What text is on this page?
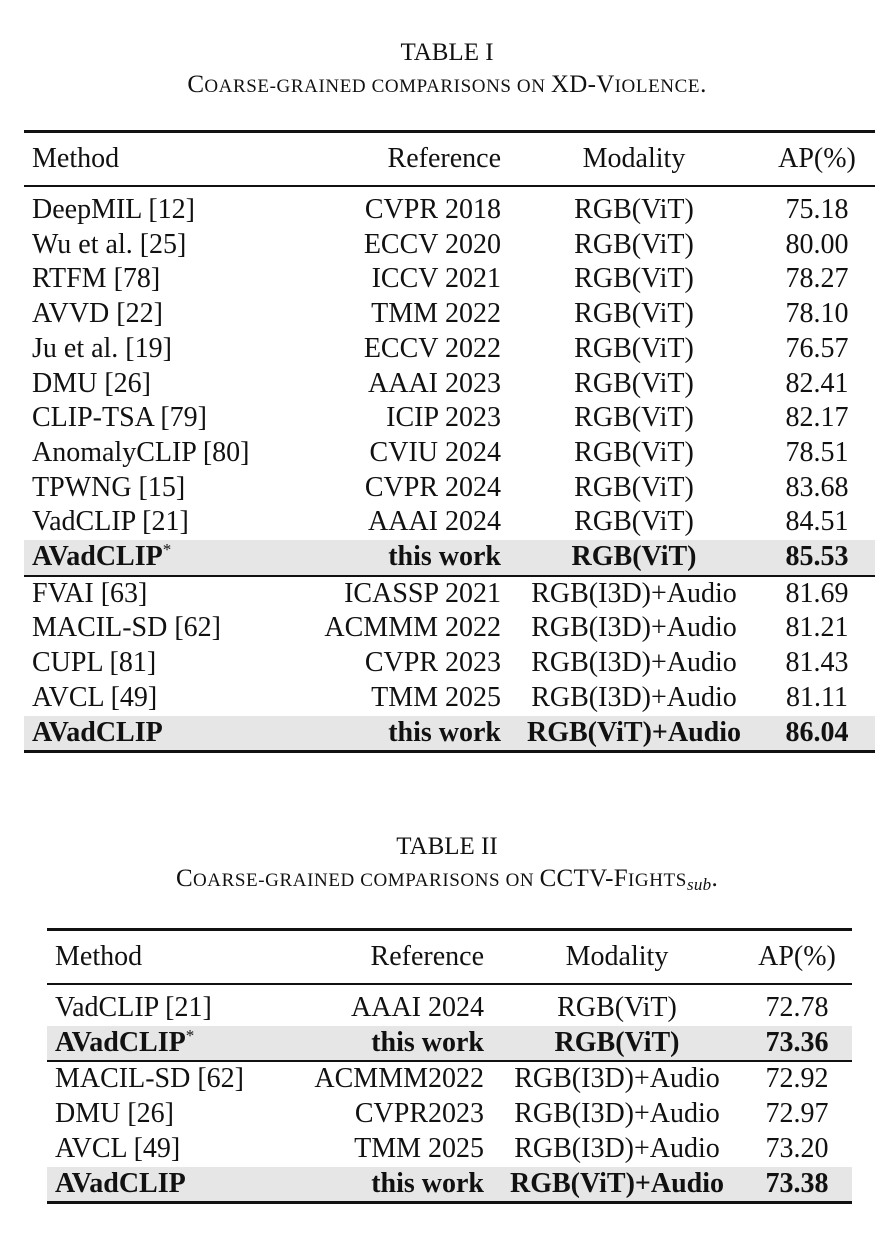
TABLE I
COARSE-GRAINED COMPARISONS ON XD-VIOLENCE.
Method	Reference	Modality	AP(%)
DeepMIL [12]	CVPR 2018	RGB(ViT)	75.18
Wu et al. [25]	ECCV 2020	RGB(ViT)	80.00
RTFM [78]	ICCV 2021	RGB(ViT)	78.27
AVVD [22]	TMM 2022	RGB(ViT)	78.10
Ju et al. [19]	ECCV 2022	RGB(ViT)	76.57
DMU [26]	AAAI 2023	RGB(ViT)	82.41
CLIP-TSA [79]	ICIP 2023	RGB(ViT)	82.17
AnomalyCLIP [80]	CVIU 2024	RGB(ViT)	78.51
TPWNG [15]	CVPR 2024	RGB(ViT)	83.68
VadCLIP [21]	AAAI 2024	RGB(ViT)	84.51
AVadCLIP*	this work	RGB(ViT)	85.53
FVAI [63]	ICASSP 2021	RGB(I3D)+Audio	81.69
MACIL-SD [62]	ACMMM 2022	RGB(I3D)+Audio	81.21
CUPL [81]	CVPR 2023	RGB(I3D)+Audio	81.43
AVCL [49]	TMM 2025	RGB(I3D)+Audio	81.11
AVadCLIP	this work	RGB(ViT)+Audio	86.04
TABLE II
COARSE-GRAINED COMPARISONS ON CCTV-$FIGHTS_{sub}$.
Method	Reference	Modality	AP(%)
VadCLIP [21]	AAAI 2024	RGB(ViT)	72.78
AVadCLIP*	this work	RGB(ViT)	73.36
MACIL-SD [62]	ACMMM2022	RGB(I3D)+Audio	72.92
DMU [26]	CVPR2023	RGB(I3D)+Audio	72.97
AVCL [49]	TMM 2025	RGB(I3D)+Audio	73.20
AVadCLIP	this work	RGB(ViT)+Audio	73.38
